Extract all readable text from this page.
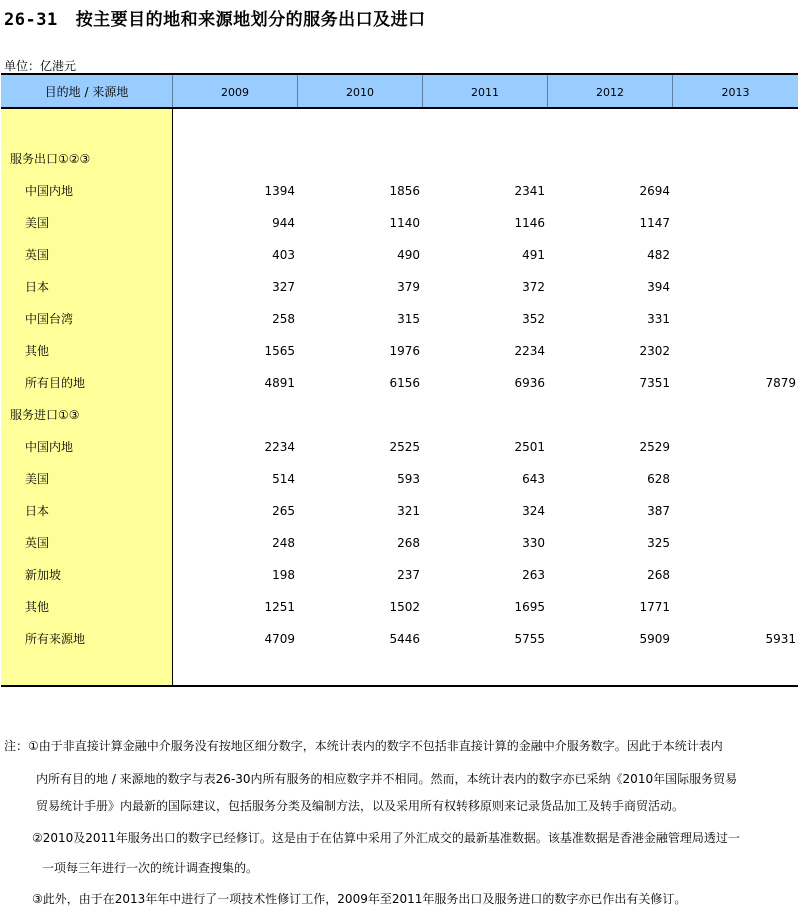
26-31 按主要目的地和来源地划分的服务出口及进口
单位：亿港元
目的地 / 来源地	2009	2010	2011	2012	2013
服务出口①②③
中国内地	1394	1856	2341	2694
美国	944	1140	1146	1147
英国	403	490	491	482
日本	327	379	372	394
中国台湾	258	315	352	331
其他	1565	1976	2234	2302
所有目的地	4891	6156	6936	7351	7879
服务进口①③
中国内地	2234	2525	2501	2529
美国	514	593	643	628
日本	265	321	324	387
英国	248	268	330	325
新加坡	198	237	263	268
其他	1251	1502	1695	1771
所有来源地	4709	5446	5755	5909	5931
注：①由于非直接计算金融中介服务没有按地区细分数字，本统计表内的数字不包括非直接计算的金融中介服务数字。因此于本统计表内
内所有目的地 / 来源地的数字与表26-30内所有服务的相应数字并不相同。然而，本统计表内的数字亦已采纳《2010年国际服务贸易
贸易统计手册》内最新的国际建议，包括服务分类及编制方法，以及采用所有权转移原则来记录货品加工及转手商贸活动。
②2010及2011年服务出口的数字已经修订。这是由于在估算中采用了外汇成交的最新基准数据。该基准数据是香港金融管理局透过一
一项每三年进行一次的统计调查搜集的。
③此外，由于在2013年年中进行了一项技术性修订工作，2009年至2011年服务出口及服务进口的数字亦已作出有关修订。
